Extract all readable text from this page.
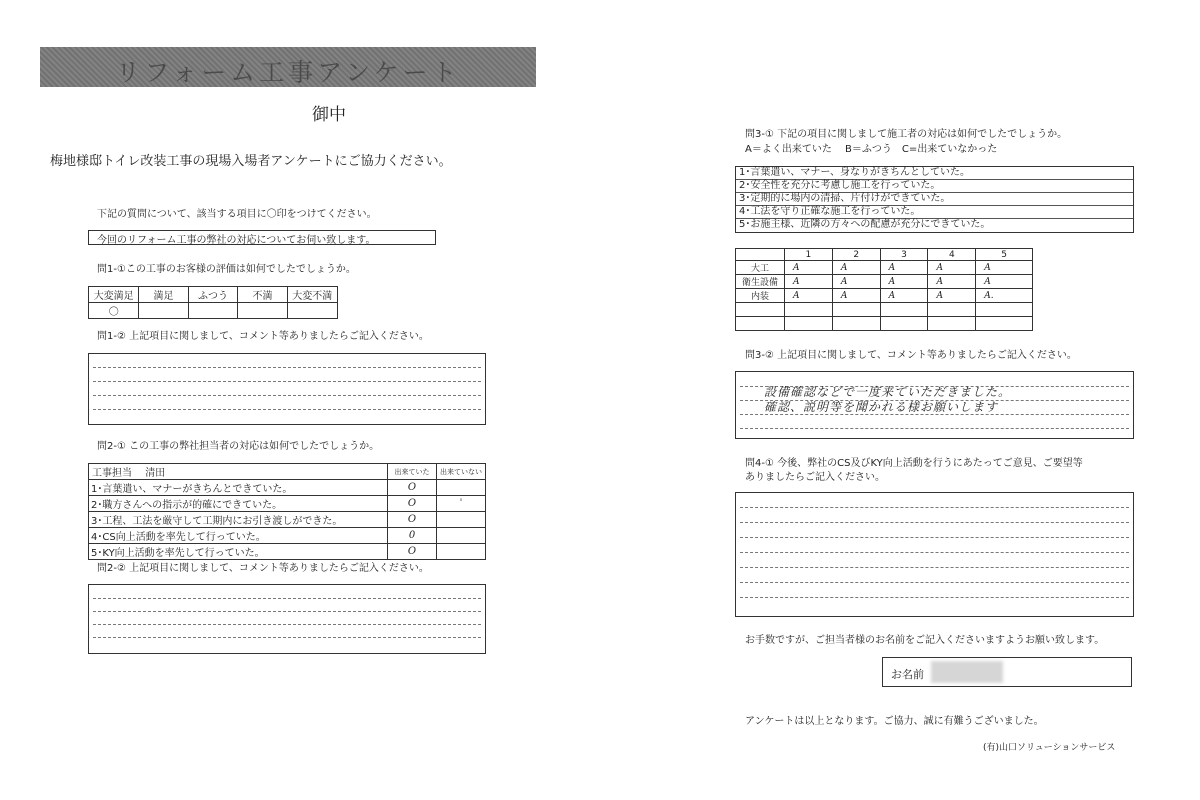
リフォーム工事アンケート
御中
梅地様邸トイレ改装工事の現場入場者アンケートにご協力ください。
下記の質問について、該当する項目に〇印をつけてください。
今回のリフォーム工事の弊社の対応についてお伺い致します。
問1-①この工事のお客様の評価は如何でしたでしょうか。
大変満足	満足	ふつう	不満	大変不満
〇				
問1-② 上記項目に関しまして、コメント等ありましたらご記入ください。
問2-① この工事の弊社担当者の対応は如何でしたでしょうか。
工事担当 清田	出来ていた	出来ていない
1･言葉遣い、マナーがきちんとできていた。	O	
2･職方さんへの指示が的確にできていた。	O	ˈ
3･工程、工法を厳守して工期内にお引き渡しができた。	O	
4･CS向上活動を率先して行っていた。	0	
5･KY向上活動を率先して行っていた。	O	
問2-② 上記項目に関しまして、コメント等ありましたらご記入ください。
問3-① 下記の項目に関しまして施工者の対応は如何でしたでしょうか。
A＝よく出来ていた　 B＝ふつう　C=出来ていなかった
1･言葉遣い、マナー、身なりがきちんとしていた。
2･安全性を充分に考慮し施工を行っていた。
3･定期的に場内の清掃、片付けができていた。
4･工法を守り正確な施工を行っていた。
5･お施主様、近隣の方々への配慮が充分にできていた。
	1	2	3	4	5
大工	A	A	A	A	A
衛生設備	A	A	A	A	A
内装	A	A	A	A	A.

問3-② 上記項目に関しまして、コメント等ありましたらご記入ください。
設備確認などで一度来ていただきました。
確認、説明等を聞かれる様お願いします
問4-① 今後、弊社のCS及びKY向上活動を行うにあたってご意見、ご要望等
ありましたらご記入ください。
お手数ですが、ご担当者様のお名前をご記入くださいますようお願い致します。
お名前
アンケートは以上となります。ご協力、誠に有難うございました。
(有)山口ソリューションサービス
